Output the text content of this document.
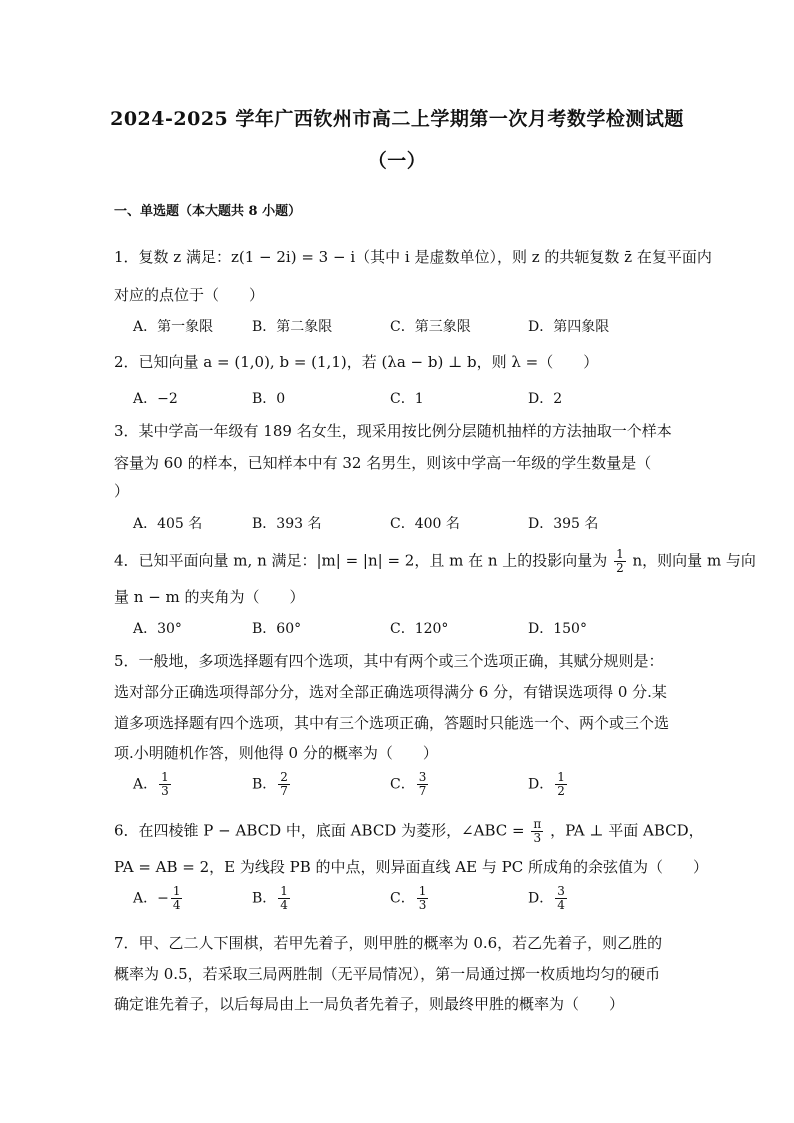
2024-2025 学年广西钦州市高二上学期第一次月考数学检测试题
（一）
一、单选题（本大题共 8 小题）
1．复数 z 满足：z(1 − 2i) = 3 − i（其中 i 是虚数单位），则 z 的共轭复数 z̄ 在复平面内
对应的点位于（　　）
A．第一象限	B．第二象限	C．第三象限	D．第四象限
2．已知向量 a = (1,0), b = (1,1)，若 (λa − b) ⊥ b，则 λ =（　　）
A．−2	B．0	C．1	D．2
3．某中学高一年级有 189 名女生，现采用按比例分层随机抽样的方法抽取一个样本
容量为 60 的样本，已知样本中有 32 名男生，则该中学高一年级的学生数量是（
）
A．405 名	B．393 名	C．400 名	D．395 名
4．已知平面向量 m, n 满足：|m| = |n| = 2，且 m 在 n 上的投影向量为 $\frac{1}{2}$ n，则向量 m 与向
量 n − m 的夹角为（　　）
A．30°	B．60°	C．120°	D．150°
5．一般地，多项选择题有四个选项，其中有两个或三个选项正确，其赋分规则是：
选对部分正确选项得部分分，选对全部正确选项得满分 6 分，有错误选项得 0 分.某
道多项选择题有四个选项，其中有三个选项正确，答题时只能选一个、两个或三个选
项.小明随机作答，则他得 0 分的概率为（　　）
A． $\frac{1}{3}$	B． $\frac{2}{7}$	C． $\frac{3}{7}$	D． $\frac{1}{2}$
6．在四棱锥 P − ABCD 中，底面 ABCD 为菱形，∠ABC = $\frac{\pi}{3}$ ，PA ⊥ 平面 ABCD，
PA = AB = 2，E 为线段 PB 的中点，则异面直线 AE 与 PC 所成角的余弦值为（　　）
A．− $\frac{1}{4}$	B． $\frac{1}{4}$	C． $\frac{1}{3}$	D． $\frac{3}{4}$
7．甲、乙二人下围棋，若甲先着子，则甲胜的概率为 0.6，若乙先着子，则乙胜的
概率为 0.5，若采取三局两胜制（无平局情况），第一局通过掷一枚质地均匀的硬币
确定谁先着子，以后每局由上一局负者先着子，则最终甲胜的概率为（　　）
